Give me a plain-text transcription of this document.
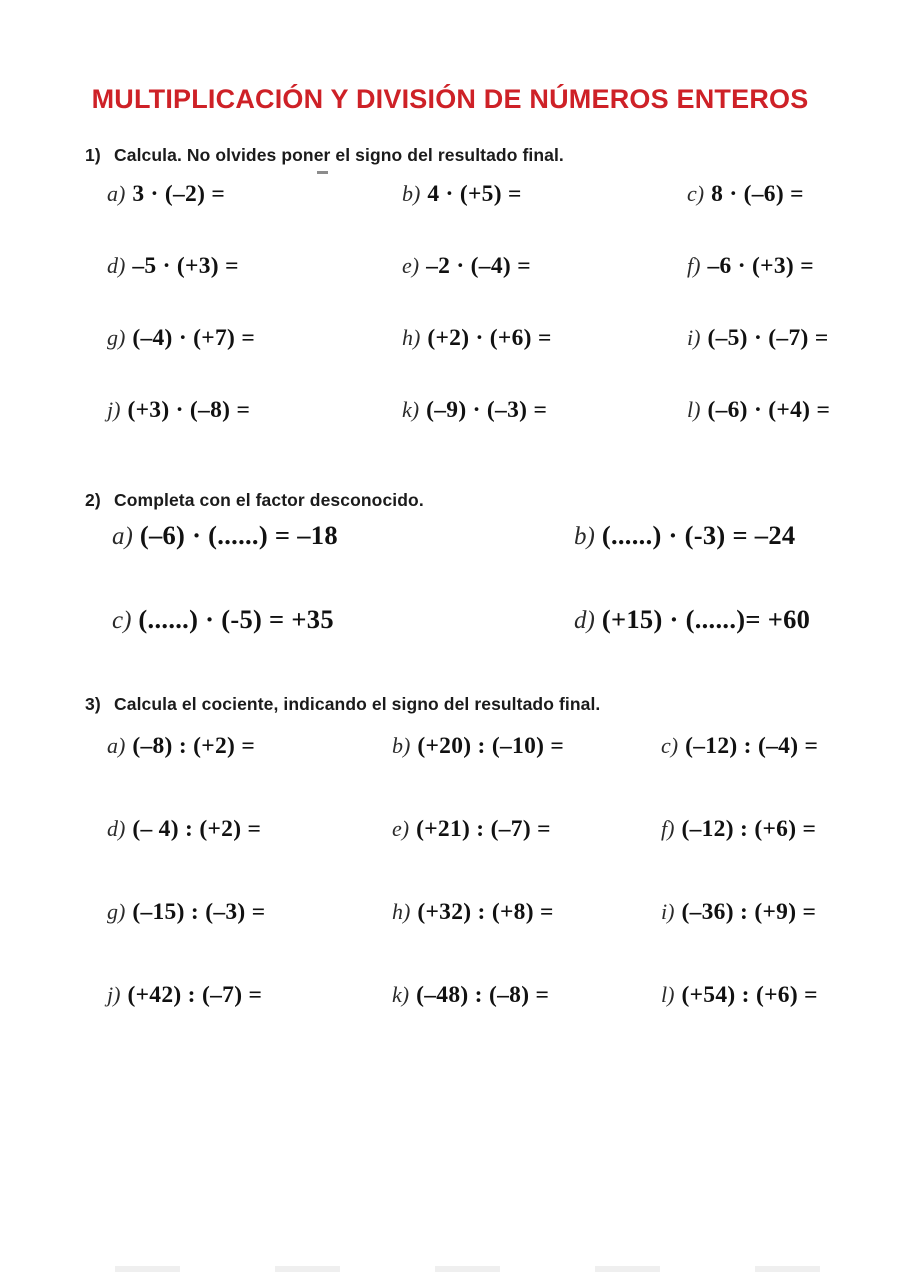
MULTIPLICACIÓN Y DIVISIÓN DE NÚMEROS ENTEROS
1) Calcula. No olvides poner el signo del resultado final.
a) 3 · (–2) =	b) 4 · (+5) =	c) 8 · (–6) =
d) –5 · (+3) =	e) –2 · (–4) =	f) –6 · (+3) =
g) (–4) · (+7) =	h) (+2) · (+6) =	i) (–5) · (–7) =
j) (+3) · (–8) =	k) (–9) · (–3) =	l) (–6) · (+4) =
2) Completa con el factor desconocido.
a) (–6) · (......) = –18	b) (......) · (-3) = –24
c) (......) · (-5) = +35	d) (+15) · (......)= +60
3) Calcula el cociente, indicando el signo del resultado final.
a) (–8) : (+2) =	b) (+20) : (–10) =	c) (–12) : (–4) =
d) (– 4) : (+2) =	e) (+21) : (–7) =	f) (–12) : (+6) =
g) (–15) : (–3) =	h) (+32) : (+8) =	i) (–36) : (+9) =
j) (+42) : (–7) =	k) (–48) : (–8) =	l) (+54) : (+6) =
